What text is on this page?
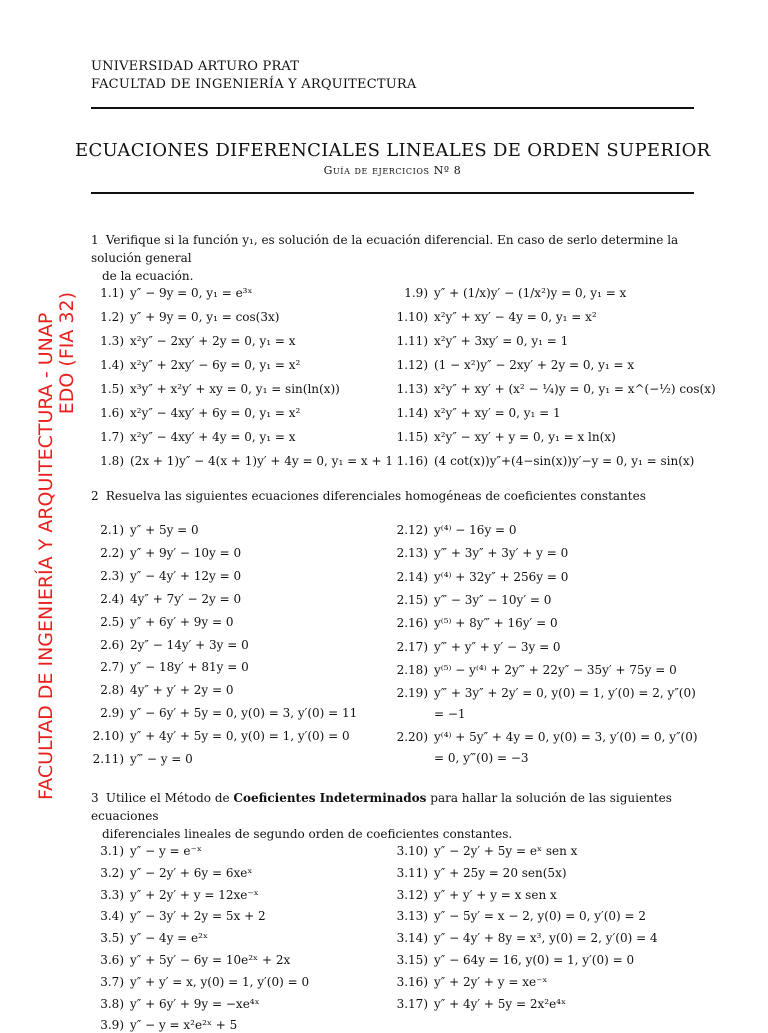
UNIVERSIDAD ARTURO PRAT
FACULTAD DE INGENIERÍA Y ARQUITECTURA
ECUACIONES DIFERENCIALES LINEALES DE ORDEN SUPERIOR
Guía de ejercicios Nº 8
FACULTAD DE INGENIERÍA Y ARQUITECTURA - UNAP EDO (FIA 32)
1 Verifique si la función y₁, es solución de la ecuación diferencial. En caso de serlo determine la solución general
de la ecuación.
1.1) y″ − 9y = 0, y₁ = e³ˣ
1.2) y″ + 9y = 0, y₁ = cos(3x)
1.3) x²y″ − 2xy′ + 2y = 0, y₁ = x
1.4) x²y″ + 2xy′ − 6y = 0, y₁ = x²
1.5) x³y″ + x²y′ + xy = 0, y₁ = sin(ln(x))
1.6) x²y″ − 4xy′ + 6y = 0, y₁ = x²
1.7) x²y″ − 4xy′ + 4y = 0, y₁ = x
1.8) (2x + 1)y″ − 4(x + 1)y′ + 4y = 0, y₁ = x + 1
1.9) y″ + (1/x)y′ − (1/x²)y = 0, y₁ = x
1.10) x²y″ + xy′ − 4y = 0, y₁ = x²
1.11) x²y″ + 3xy′ = 0, y₁ = 1
1.12) (1 − x²)y″ − 2xy′ + 2y = 0, y₁ = x
1.13) x²y″ + xy′ + (x² − ¼)y = 0, y₁ = x^(−½) cos(x)
1.14) x²y″ + xy′ = 0, y₁ = 1
1.15) x²y″ − xy′ + y = 0, y₁ = x ln(x)
1.16) (4 cot(x))y″+(4−sin(x))y′−y = 0, y₁ = sin(x)
2 Resuelva las siguientes ecuaciones diferenciales homogéneas de coeficientes constantes
2.1) y″ + 5y = 0
2.2) y″ + 9y′ − 10y = 0
2.3) y″ − 4y′ + 12y = 0
2.4) 4y″ + 7y′ − 2y = 0
2.5) y″ + 6y′ + 9y = 0
2.6) 2y″ − 14y′ + 3y = 0
2.7) y″ − 18y′ + 81y = 0
2.8) 4y″ + y′ + 2y = 0
2.9) y″ − 6y′ + 5y = 0, y(0) = 3, y′(0) = 11
2.10) y″ + 4y′ + 5y = 0, y(0) = 1, y′(0) = 0
2.11) y‴ − y = 0
2.12) y⁽⁴⁾ − 16y = 0
2.13) y‴ + 3y″ + 3y′ + y = 0
2.14) y⁽⁴⁾ + 32y″ + 256y = 0
2.15) y‴ − 3y″ − 10y′ = 0
2.16) y⁽⁵⁾ + 8y‴ + 16y′ = 0
2.17) y‴ + y″ + y′ − 3y = 0
2.18) y⁽⁵⁾ − y⁽⁴⁾ + 2y‴ + 22y″ − 35y′ + 75y = 0
2.19) y‴ + 3y″ + 2y′ = 0, y(0) = 1, y′(0) = 2, y″(0) = −1
2.20) y⁽⁴⁾ + 5y″ + 4y = 0, y(0) = 3, y′(0) = 0, y″(0) = 0, y‴(0) = −3
3 Utilice el Método de Coeficientes Indeterminados para hallar la solución de las siguientes ecuaciones
diferenciales lineales de segundo orden de coeficientes constantes.
3.1) y″ − y = e⁻ˣ
3.2) y″ − 2y′ + 6y = 6xeˣ
3.3) y″ + 2y′ + y = 12xe⁻ˣ
3.4) y″ − 3y′ + 2y = 5x + 2
3.5) y″ − 4y = e²ˣ
3.6) y″ + 5y′ − 6y = 10e²ˣ + 2x
3.7) y″ + y′ = x, y(0) = 1, y′(0) = 0
3.8) y″ + 6y′ + 9y = −xe⁴ˣ
3.9) y″ − y = x²e²ˣ + 5
3.10) y″ − 2y′ + 5y = eˣ sen x
3.11) y″ + 25y = 20 sen(5x)
3.12) y″ + y′ + y = x sen x
3.13) y″ − 5y′ = x − 2, y(0) = 0, y′(0) = 2
3.14) y″ − 4y′ + 8y = x³, y(0) = 2, y′(0) = 4
3.15) y″ − 64y = 16, y(0) = 1, y′(0) = 0
3.16) y″ + 2y′ + y = xe⁻ˣ
3.17) y″ + 4y′ + 5y = 2x²e⁴ˣ
